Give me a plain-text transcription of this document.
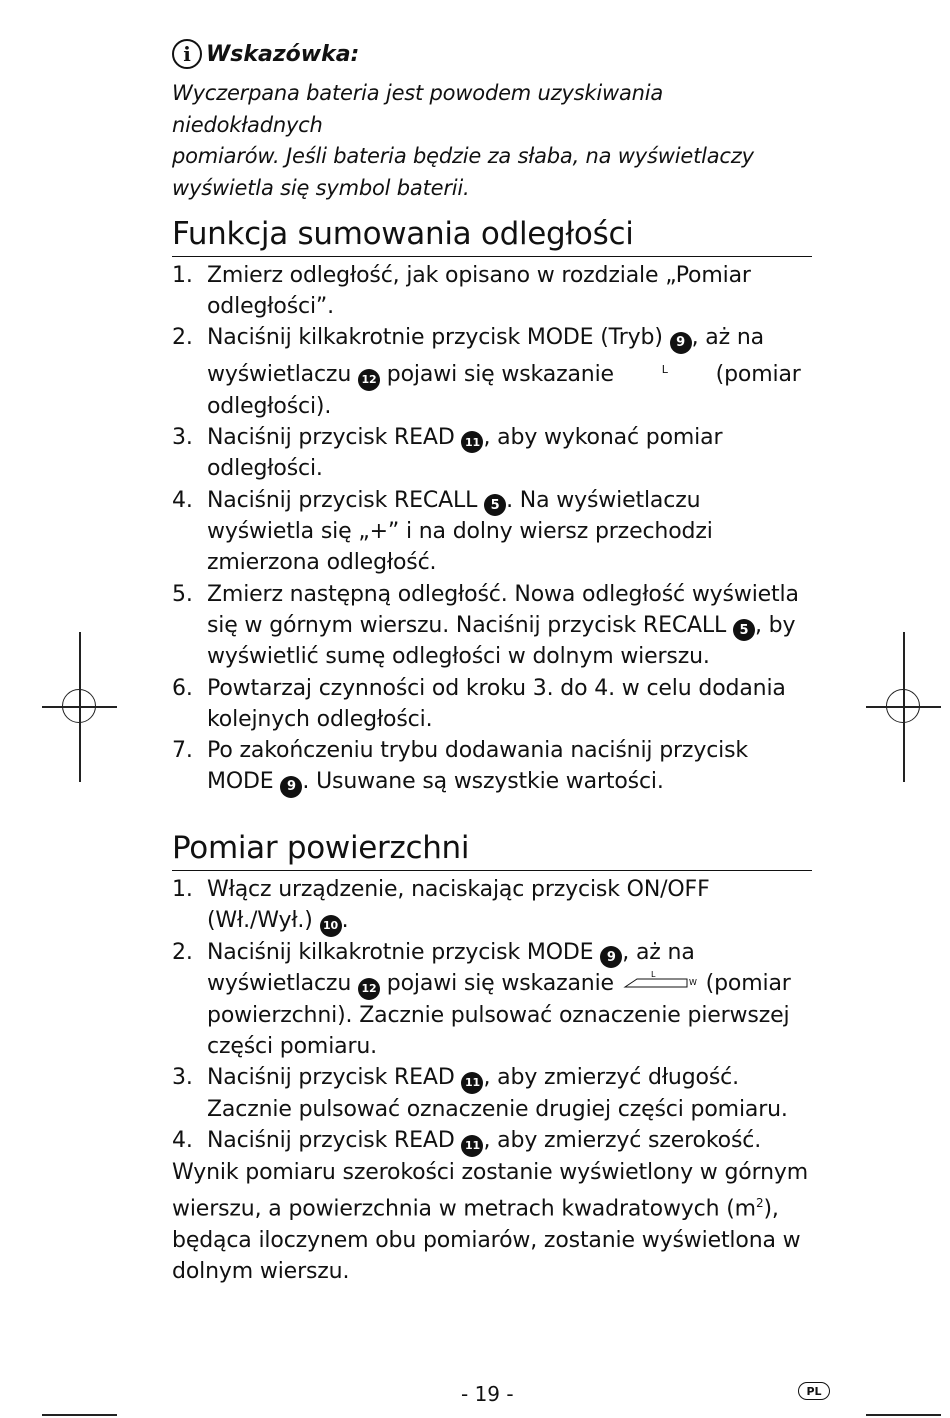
i Wskazówka:
Wyczerpana bateria jest powodem uzyskiwania niedokładnych
pomiarów. Jeśli bateria będzie za słaba, na wyświetlaczy
wyświetla się symbol baterii.
Funkcja sumowania odległości
1. Zmierz odległość, jak opisano w rozdziale „Pomiar odległości”.
2. Naciśnij kilkakrotnie przycisk MODE (Tryb) 9 , aż na wyświetlaczu 12 pojawi się wskazanie	L (pomiar odległości).
3. Naciśnij przycisk READ 11 , aby wykonać pomiar odległości.
4. Naciśnij przycisk RECALL 5 . Na wyświetlaczu wyświetla się „+” i na dolny wiersz przechodzi zmierzona odległość.
5. Zmierz następną odległość. Nowa odległość wyświetla się w górnym wierszu. Naciśnij przycisk RECALL 5 , by wyświetlić sumę odległości w dolnym wierszu.
6. Powtarzaj czynności od kroku 3. do 4. w celu dodania kolejnych odległości.
7. Po zakończeniu trybu dodawania naciśnij przycisk MODE 9 . Usuwane są wszystkie wartości.
Pomiar powierzchni
1. Włącz urządzenie, naciskając przycisk ON/OFF (Wł./Wył.) 10 .
2. Naciśnij kilkakrotnie przycisk MODE 9 , aż na wyświetlaczu 12 pojawi się wskazanie	L
W (pomiar powierzchni). Zacznie pulsować oznaczenie pierwszej części pomiaru.
3. Naciśnij przycisk READ 11 , aby zmierzyć długość. Zacznie pulsować oznaczenie drugiej części pomiaru.
4. Naciśnij przycisk READ 11 , aby zmierzyć szerokość.
Wynik pomiaru szerokości zostanie wyświetlony w górnym wierszu, a powierzchnia w metrach kwadratowych $(m^2)$, będąca iloczynem obu pomiarów, zostanie wyświetlona w dolnym wierszu.
- 19 -	PL
